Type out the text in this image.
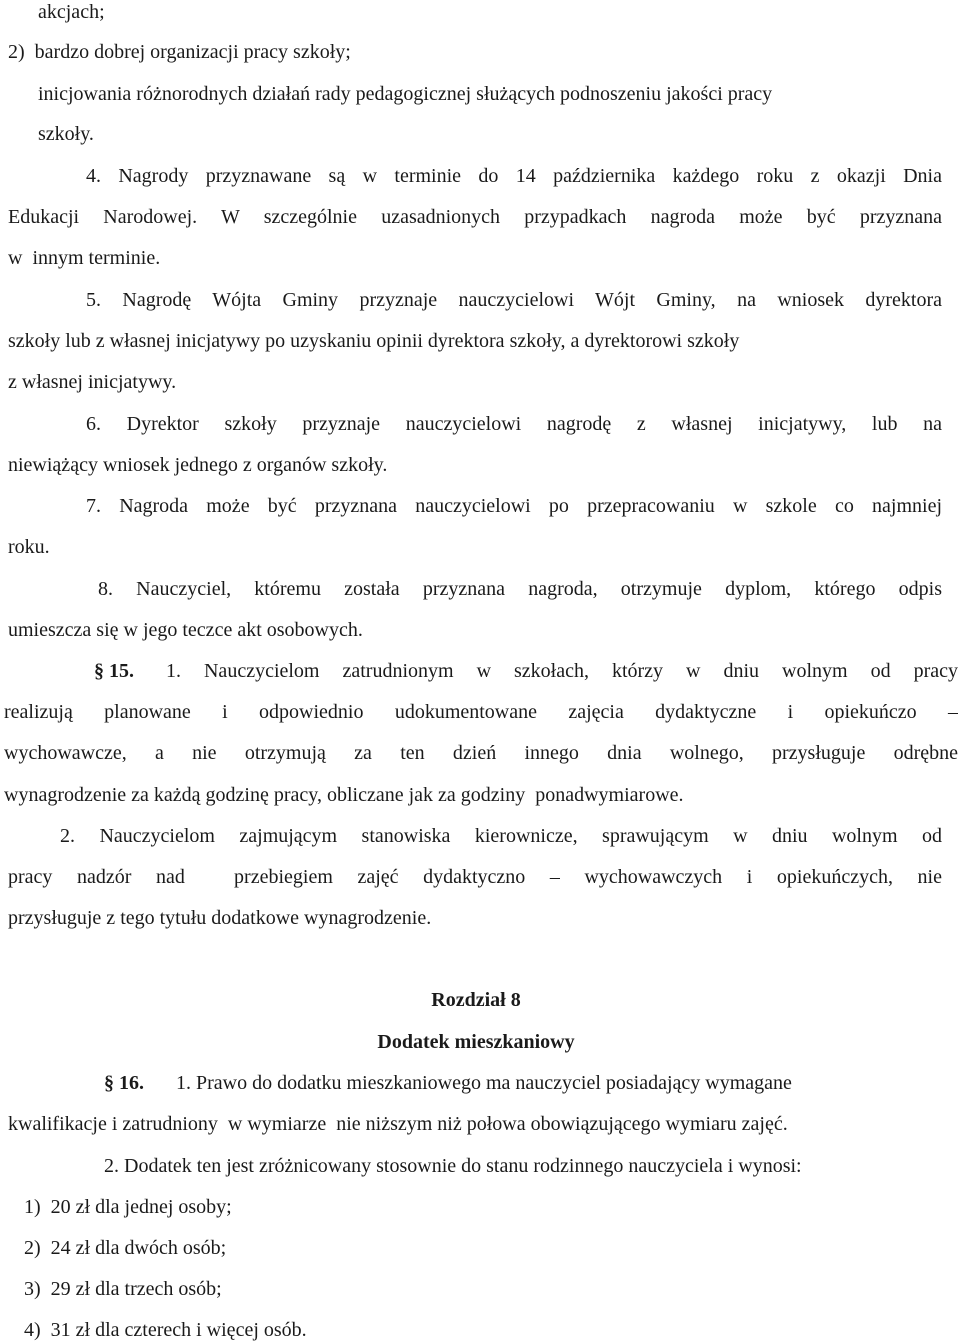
akcjach;

2)  bardzo dobrej organizacji pracy szkoły;

inicjowania różnorodnych działań rady pedagogicznej służących podnoszeniu jakości pracy

szkoły.

4. Nagrody przyznawane są w terminie do 14 października każdego roku z okazji Dnia

Edukacji Narodowej. W szczególnie uzasadnionych przypadkach nagroda może być przyznana

w  innym terminie.

5. Nagrodę Wójta Gminy przyznaje nauczycielowi Wójt Gminy, na wniosek dyrektora

szkoły lub z własnej inicjatywy po uzyskaniu opinii dyrektora szkoły, a dyrektorowi szkoły

z własnej inicjatywy.

6. Dyrektor szkoły przyznaje nauczycielowi nagrodę z własnej inicjatywy, lub na

niewiążący wniosek jednego z organów szkoły.

7. Nagroda może być przyznana nauczycielowi po przepracowaniu w szkole co najmniej

roku.

8. Nauczyciel, któremu została przyznana nagroda, otrzymuje dyplom, którego odpis

umieszcza się w jego teczce akt osobowych.

§ 15. 1. Nauczycielom zatrudnionym w szkołach, którzy w dniu wolnym od pracy

realizują planowane i odpowiednio udokumentowane zajęcia dydaktyczne i opiekuńczo –

wychowawcze, a nie otrzymują za ten dzień innego dnia wolnego, przysługuje odrębne

wynagrodzenie za każdą godzinę pracy, obliczane jak za godziny  ponadwymiarowe.

2. Nauczycielom zajmującym stanowiska kierownicze, sprawującym w dniu wolnym od

pracy nadzór nad  przebiegiem zajęć dydaktyczno – wychowawczych i opiekuńczych, nie

przysługuje z tego tytułu dodatkowe wynagrodzenie.

Rozdział 8
Dodatek mieszkaniowy

§ 16. 1. Prawo do dodatku mieszkaniowego ma nauczyciel posiadający wymagane

kwalifikacje i zatrudniony  w wymiarze  nie niższym niż połowa obowiązującego wymiaru zajęć.

2. Dodatek ten jest zróżnicowany stosownie do stanu rodzinnego nauczyciela i wynosi:

1)  20 zł dla jednej osoby;

2)  24 zł dla dwóch osób;

3)  29 zł dla trzech osób;

4)  31 zł dla czterech i więcej osób.
